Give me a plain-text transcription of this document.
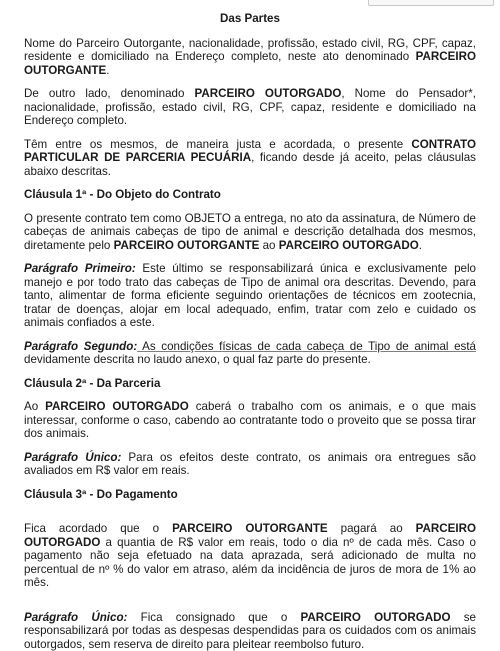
Das Partes

Nome do Parceiro Outorgante, nacionalidade, profissão, estado civil, RG, CPF, capaz, residente e domiciliado na Endereço completo, neste ato denominado PARCEIRO OUTORGANTE.

De outro lado, denominado PARCEIRO OUTORGADO, Nome do Pensador*, nacionalidade, profissão, estado civil, RG, CPF, capaz, residente e domiciliado na Endereço completo.

Têm entre os mesmos, de maneira justa e acordada, o presente CONTRATO PARTICULAR DE PARCERIA PECUÁRIA, ficando desde já aceito, pelas cláusulas abaixo descritas.

Cláusula 1ª - Do Objeto do Contrato

O presente contrato tem como OBJETO a entrega, no ato da assinatura, de Número de cabeças de animais cabeças de tipo de animal e descrição detalhada dos mesmos, diretamente pelo PARCEIRO OUTORGANTE ao PARCEIRO OUTORGADO.

Parágrafo Primeiro: Este último se responsabilizará única e exclusivamente pelo manejo e por todo trato das cabeças de Tipo de animal ora descritas. Devendo, para tanto, alimentar de forma eficiente seguindo orientações de técnicos em zootecnia, tratar de doenças, alojar em local adequado, enfim, tratar com zelo e cuidado os animais confiados a este.

Parágrafo Segundo: As condições físicas de cada cabeça de Tipo de animal está devidamente descrita no laudo anexo, o qual faz parte do presente.

Cláusula 2ª - Da Parceria

Ao PARCEIRO OUTORGADO caberá o trabalho com os animais, e o que mais interessar, conforme o caso, cabendo ao contratante todo o proveito que se possa tirar dos animais.

Parágrafo Único: Para os efeitos deste contrato, os animais ora entregues são avaliados em R$ valor em reais.

Cláusula 3ª - Do Pagamento

Fica acordado que o PARCEIRO OUTORGANTE pagará ao PARCEIRO OUTORGADO a quantia de R$ valor em reais, todo o dia nº de cada mês. Caso o pagamento não seja efetuado na data aprazada, será adicionado de multa no percentual de nº % do valor em atraso, além da incidência de juros de mora de 1% ao mês.

Parágrafo Único: Fica consignado que o PARCEIRO OUTORGADO se responsabilizará por todas as despesas despendidas para os cuidados com os animais outorgados, sem reserva de direito para pleitear reembolso futuro.
